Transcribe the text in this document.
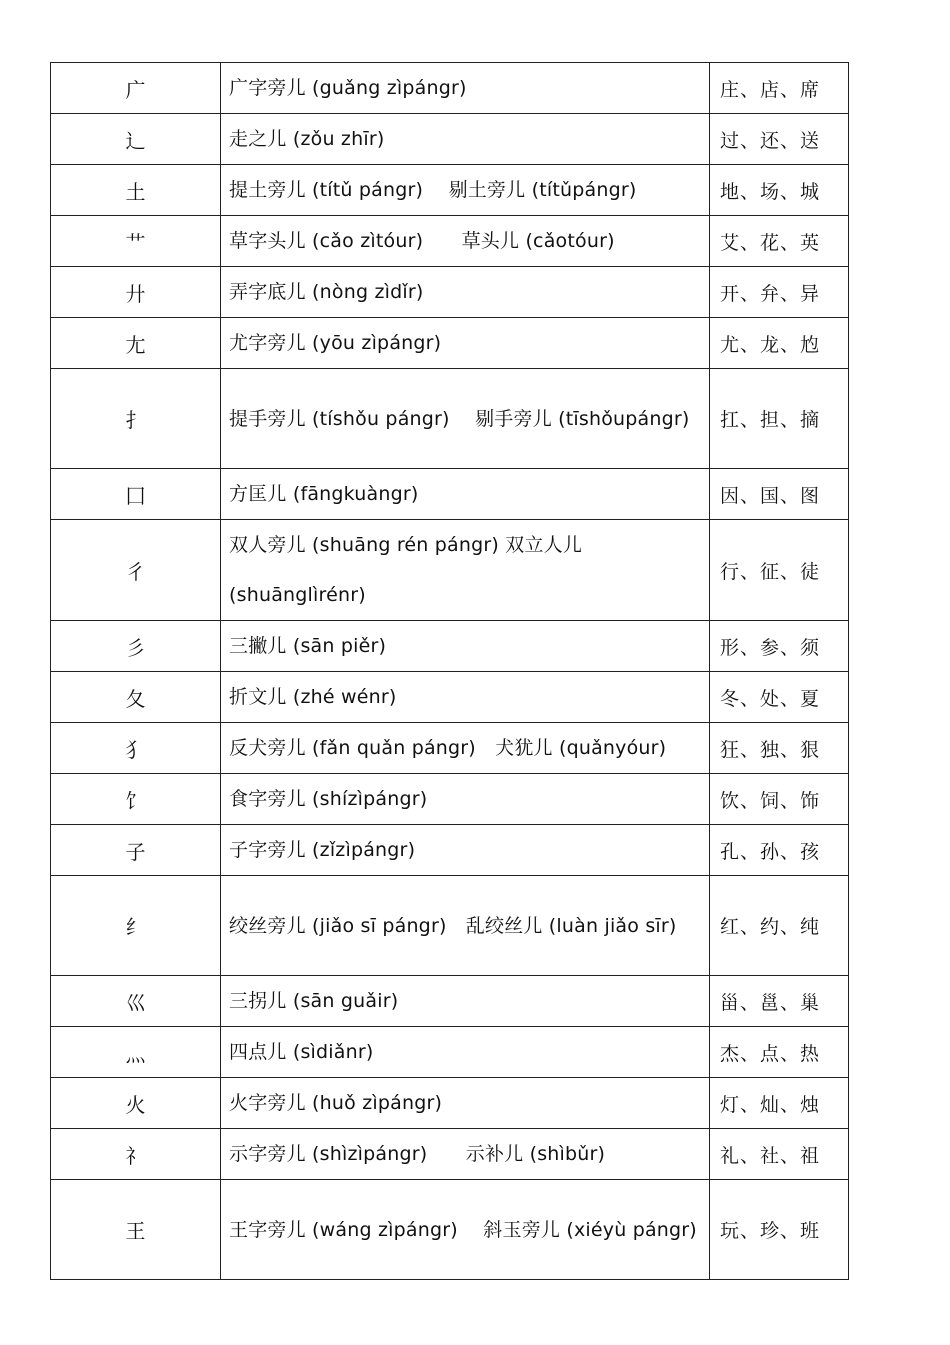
广	广字旁儿 (guǎng zìpángr)	庄、店、席
辶	走之儿 (zǒu zhīr)	过、还、送
土	提土旁儿 (títǔ pángr)　 剔土旁儿 (títǔpángr)	地、场、城
艹	草字头儿 (cǎo zìtóur)　　草头儿 (cǎotóur)	艾、花、英
廾	弄字底儿 (nòng zìdǐr)	开、弁、异
尢	尤字旁儿 (yōu zìpángr)	尤、龙、尥
扌	提手旁儿 (tíshǒu pángr)　 剔手旁儿 (tīshǒupángr)	扛、担、摘
囗	方匡儿 (fāngkuàngr)	因、国、图
彳	双人旁儿 (shuāng rén pángr) 双立人儿 (shuānglìrénr)	行、征、徒
彡	三撇儿 (sān piěr)	形、参、须
夂	折文儿 (zhé wénr)	冬、处、夏
犭	反犬旁儿 (fǎn quǎn pángr)　犬犹儿 (quǎnyóur)	狂、独、狠
饣	食字旁儿 (shízìpángr)	饮、饲、饰
子	子字旁儿 (zǐzìpángr)	孔、孙、孩
纟	绞丝旁儿 (jiǎo sī pángr)　乱绞丝儿 (luàn jiǎo sīr)	红、约、纯
巛	三拐儿 (sān guǎir)	甾、邕、巢
灬	四点儿 (sìdiǎnr)	杰、点、热
火	火字旁儿 (huǒ zìpángr)	灯、灿、烛
礻	示字旁儿 (shìzìpángr)　　示补儿 (shìbǔr)	礼、社、祖
王	王字旁儿 (wáng zìpángr)　 斜玉旁儿 (xiéyù pángr)	玩、珍、班
